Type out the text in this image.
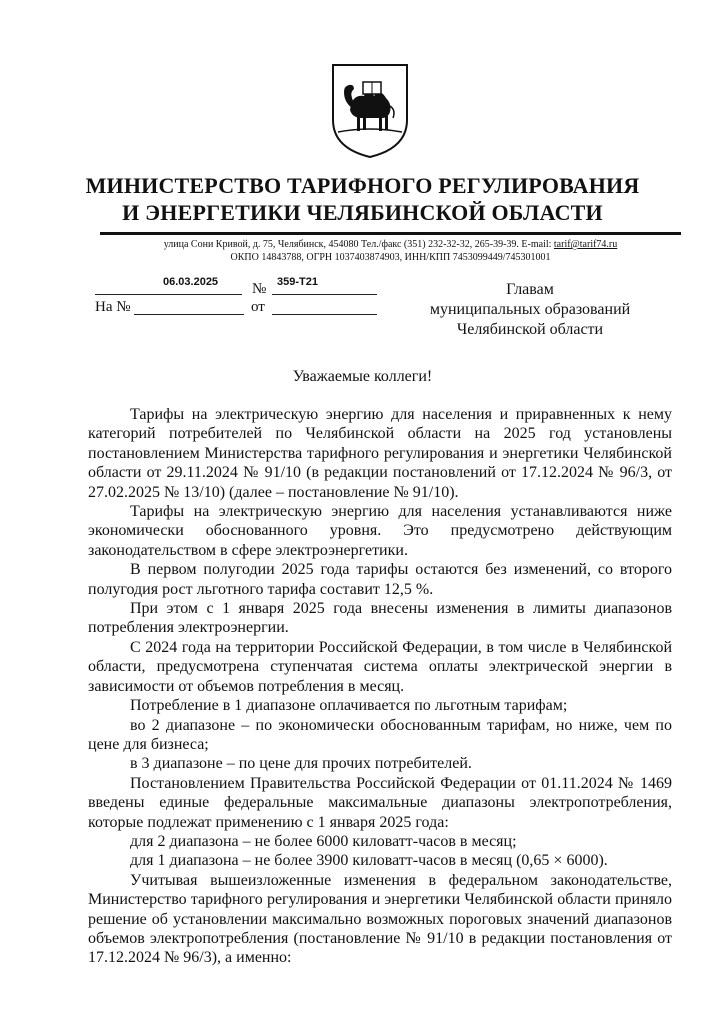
МИНИСТЕРСТВО ТАРИФНОГО РЕГУЛИРОВАНИЯ
И ЭНЕРГЕТИКИ ЧЕЛЯБИНСКОЙ ОБЛАСТИ
улица Сони Кривой, д. 75, Челябинск, 454080 Тел./факс (351) 232-32-32, 265-39-39. E-mail: tarif@tarif74.ru
ОКПО 14843788, ОГРН 1037403874903, ИНН/КПП 7453099449/745301001
06.03.2025 № 359-Т21
На №	от
Главам
муниципальных образований
Челябинской области
Уважаемые коллеги!

Тарифы на электрическую энергию для населения и приравненных к нему категорий потребителей по Челябинской области на 2025 год установлены постановлением Министерства тарифного регулирования и энергетики Челябинской области от 29.11.2024 № 91/10 (в редакции постановлений от 17.12.2024 № 96/3, от 27.02.2025 № 13/10) (далее – постановление № 91/10).

Тарифы на электрическую энергию для населения устанавливаются ниже экономически обоснованного уровня. Это предусмотрено действующим законодательством в сфере электроэнергетики.

В первом полугодии 2025 года тарифы остаются без изменений, со второго полугодия рост льготного тарифа составит 12,5 %.

При этом с 1 января 2025 года внесены изменения в лимиты диапазонов потребления электроэнергии.

С 2024 года на территории Российской Федерации, в том числе в Челябинской области, предусмотрена ступенчатая система оплаты электрической энергии в зависимости от объемов потребления в месяц.

Потребление в 1 диапазоне оплачивается по льготным тарифам;

во 2 диапазоне – по экономически обоснованным тарифам, но ниже, чем по цене для бизнеса;

в 3 диапазоне – по цене для прочих потребителей.

Постановлением Правительства Российской Федерации от 01.11.2024 № 1469 введены единые федеральные максимальные диапазоны электропотребления, которые подлежат применению с 1 января 2025 года:

для 2 диапазона – не более 6000 киловатт-часов в месяц;

для 1 диапазона – не более 3900 киловатт-часов в месяц (0,65 × 6000).

Учитывая вышеизложенные изменения в федеральном законодательстве, Министерство тарифного регулирования и энергетики Челябинской области приняло решение об установлении максимально возможных пороговых значений диапазонов объемов электропотребления (постановление № 91/10 в редакции постановления от 17.12.2024 № 96/3), а именно:
